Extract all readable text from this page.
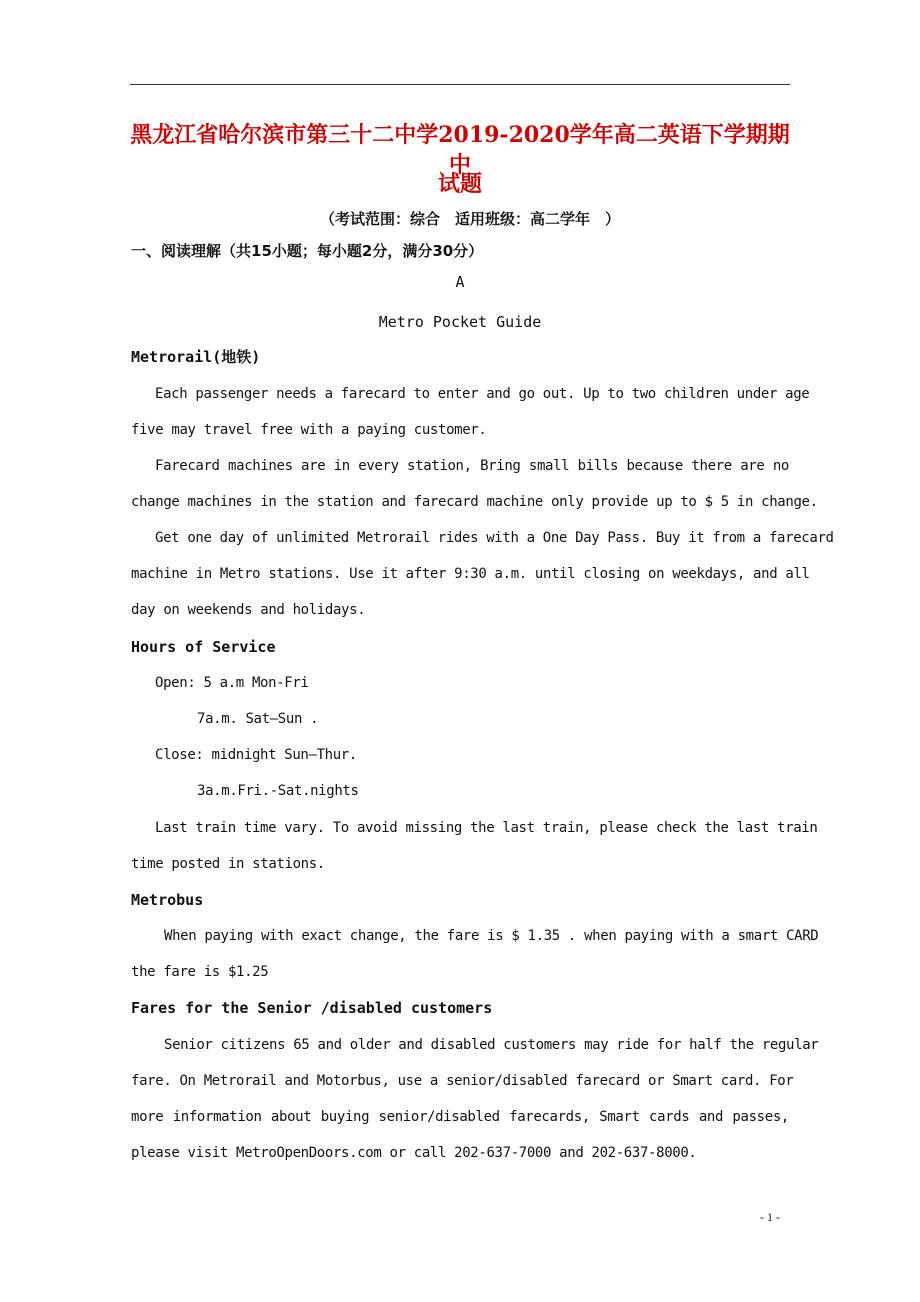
黑龙江省哈尔滨市第三十二中学2019-2020学年高二英语下学期期中
试题
（考试范围：综合　适用班级：高二学年　）
一、阅读理解（共15小题；每小题2分，满分30分）
A
Metro Pocket Guide
Metrorail(地铁)
Each passenger needs a farecard to enter and go out. Up to two children under age
five may travel free with a paying customer.
Farecard machines are in every station, Bring small bills because there are no
change machines in the station and farecard machine only provide up to $ 5 in change.
Get one day of unlimited Metrorail rides with a One Day Pass. Buy it from a farecard
machine in Metro stations. Use it after 9:30 a.m. until closing on weekdays, and all
day on weekends and holidays.
Hours of Service
Open: 5 a.m Mon-Fri
7a.m. Sat—Sun .
Close: midnight Sun—Thur.
3a.m.Fri.-Sat.nights
Last train time vary. To avoid missing the last train, please check the last train
time posted in stations.
Metrobus
When paying with exact change, the fare is $ 1.35 . when paying with a smart CARD
the fare is $1.25
Fares for the Senior /disabled customers
Senior citizens 65 and older and disabled customers may ride for half the regular
fare. On Metrorail and Motorbus, use a senior/disabled farecard or Smart card. For
more information about buying senior/disabled farecards, Smart cards and passes,
please visit MetroOpenDoors.com or call 202-637-7000 and 202-637-8000.
- 1 -
